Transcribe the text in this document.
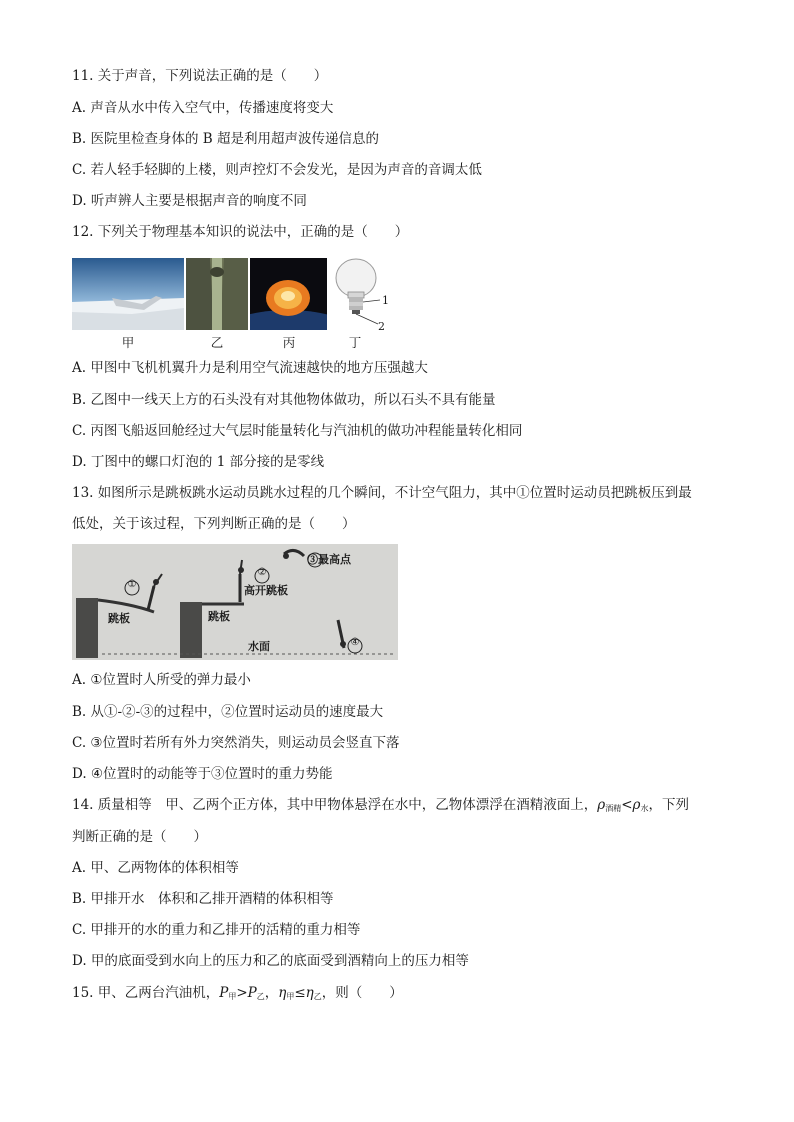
11. 关于声音，下列说法正确的是（　　）
A. 声音从水中传入空气中，传播速度将变大
B. 医院里检查身体的 B 超是利用超声波传递信息的
C. 若人轻手轻脚的上楼，则声控灯不会发光，是因为声音的音调太低
D. 听声辨人主要是根据声音的响度不同
12. 下列关于物理基本知识的说法中，正确的是（　　）
1
2
甲	乙	丙	丁
A. 甲图中飞机机翼升力是利用空气流速越快的地方压强越大
B. 乙图中一线天上方的石头没有对其他物体做功，所以石头不具有能量
C. 丙图飞船返回舱经过大气层时能量转化与汽油机的做功冲程能量转化相同
D. 丁图中的螺口灯泡的 1 部分接的是零线
13. 如图所示是跳板跳水运动员跳水过程的几个瞬间，不计空气阻力，其中①位置时运动员把跳板压到最
低处，关于该过程，下列判断正确的是（　　）
①
②
③最高点
④
跳板	跳板
高开跳板
水面
A. ①位置时人所受的弹力最小
B. 从①-②-③的过程中，②位置时运动员的速度最大
C. ③位置时若所有外力突然消失，则运动员会竖直下落
D. ④位置时的动能等于③位置时的重力势能
14. 质量相等　甲、乙两个正方体，其中甲物体悬浮在水中，乙物体漂浮在酒精液面上，$\rho_{酒精}<\rho_水$，下列
判断正确的是（　　）
A. 甲、乙两物体的体积相等
B. 甲排开水　体积和乙排开酒精的体积相等
C. 甲排开的水的重力和乙排开的活精的重力相等
D. 甲的底面受到水向上的压力和乙的底面受到酒精向上的压力相等
15. 甲、乙两台汽油机，$P_甲>P_乙$，$\eta_甲\le\eta_乙$，则（　　）
